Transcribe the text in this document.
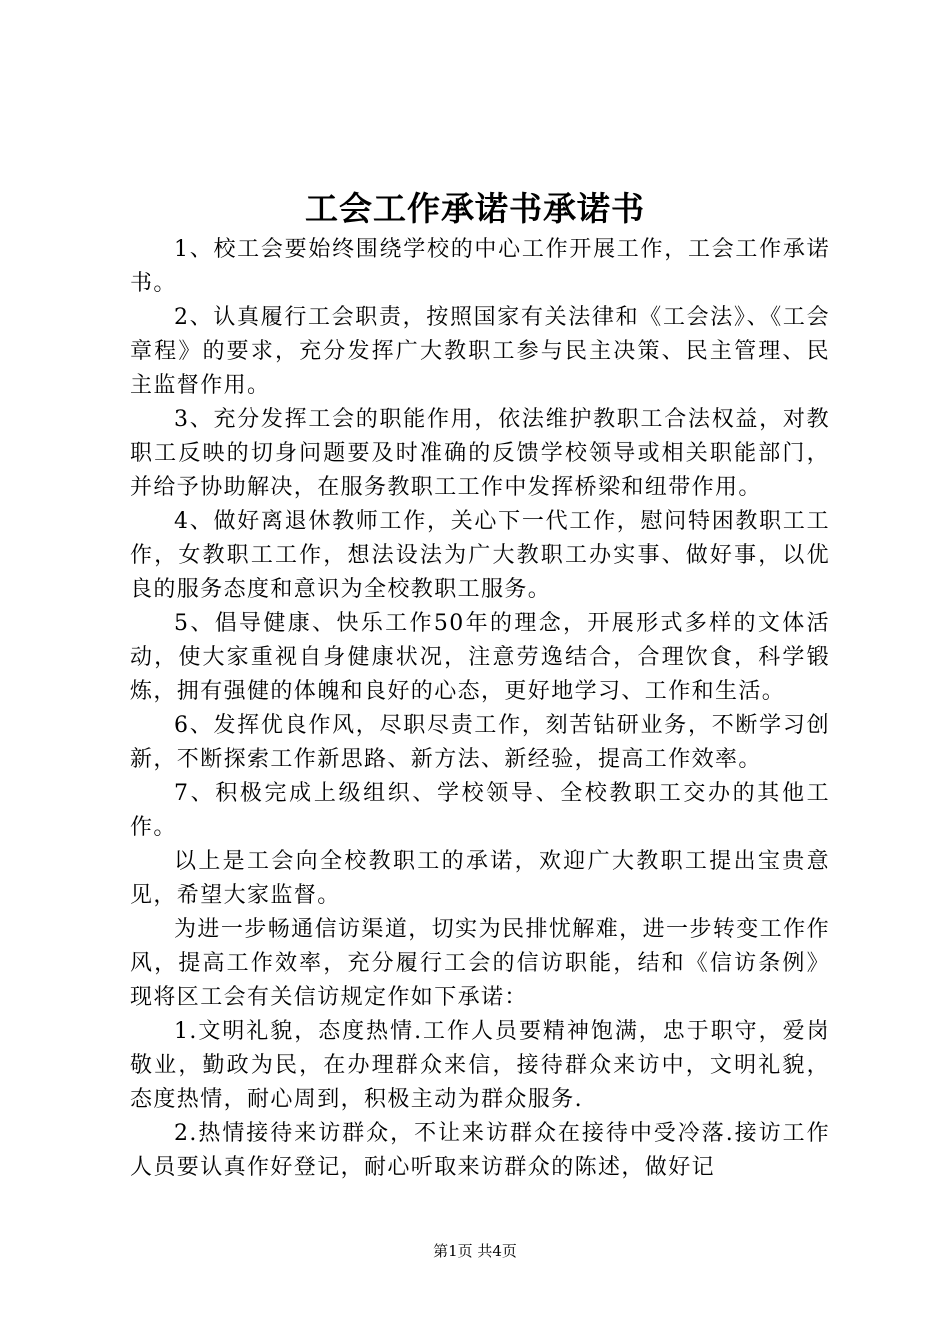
工会工作承诺书承诺书

1、校工会要始终围绕学校的中心工作开展工作，工会工作承诺书。

2、认真履行工会职责，按照国家有关法律和《工会法》、《工会章程》的要求，充分发挥广大教职工参与民主决策、民主管理、民主监督作用。

3、充分发挥工会的职能作用，依法维护教职工合法权益，对教职工反映的切身问题要及时准确的反馈学校领导或相关职能部门，并给予协助解决，在服务教职工工作中发挥桥梁和纽带作用。

4、做好离退休教师工作，关心下一代工作，慰问特困教职工工作，女教职工工作，想法设法为广大教职工办实事、做好事，以优良的服务态度和意识为全校教职工服务。

5、倡导健康、快乐工作50年的理念，开展形式多样的文体活动，使大家重视自身健康状况，注意劳逸结合，合理饮食，科学锻炼，拥有强健的体魄和良好的心态，更好地学习、工作和生活。

6、发挥优良作风，尽职尽责工作，刻苦钻研业务，不断学习创新，不断探索工作新思路、新方法、新经验，提高工作效率。

7、积极完成上级组织、学校领导、全校教职工交办的其他工作。

以上是工会向全校教职工的承诺，欢迎广大教职工提出宝贵意见，希望大家监督。

为进一步畅通信访渠道，切实为民排忧解难，进一步转变工作作风，提高工作效率，充分履行工会的信访职能，结和《信访条例》现将区工会有关信访规定作如下承诺：

1.文明礼貌，态度热情.工作人员要精神饱满，忠于职守，爱岗敬业，勤政为民，在办理群众来信，接待群众来访中，文明礼貌，态度热情，耐心周到，积极主动为群众服务.

2.热情接待来访群众，不让来访群众在接待中受冷落.接访工作人员要认真作好登记，耐心听取来访群众的陈述，做好记

第1页 共4页
